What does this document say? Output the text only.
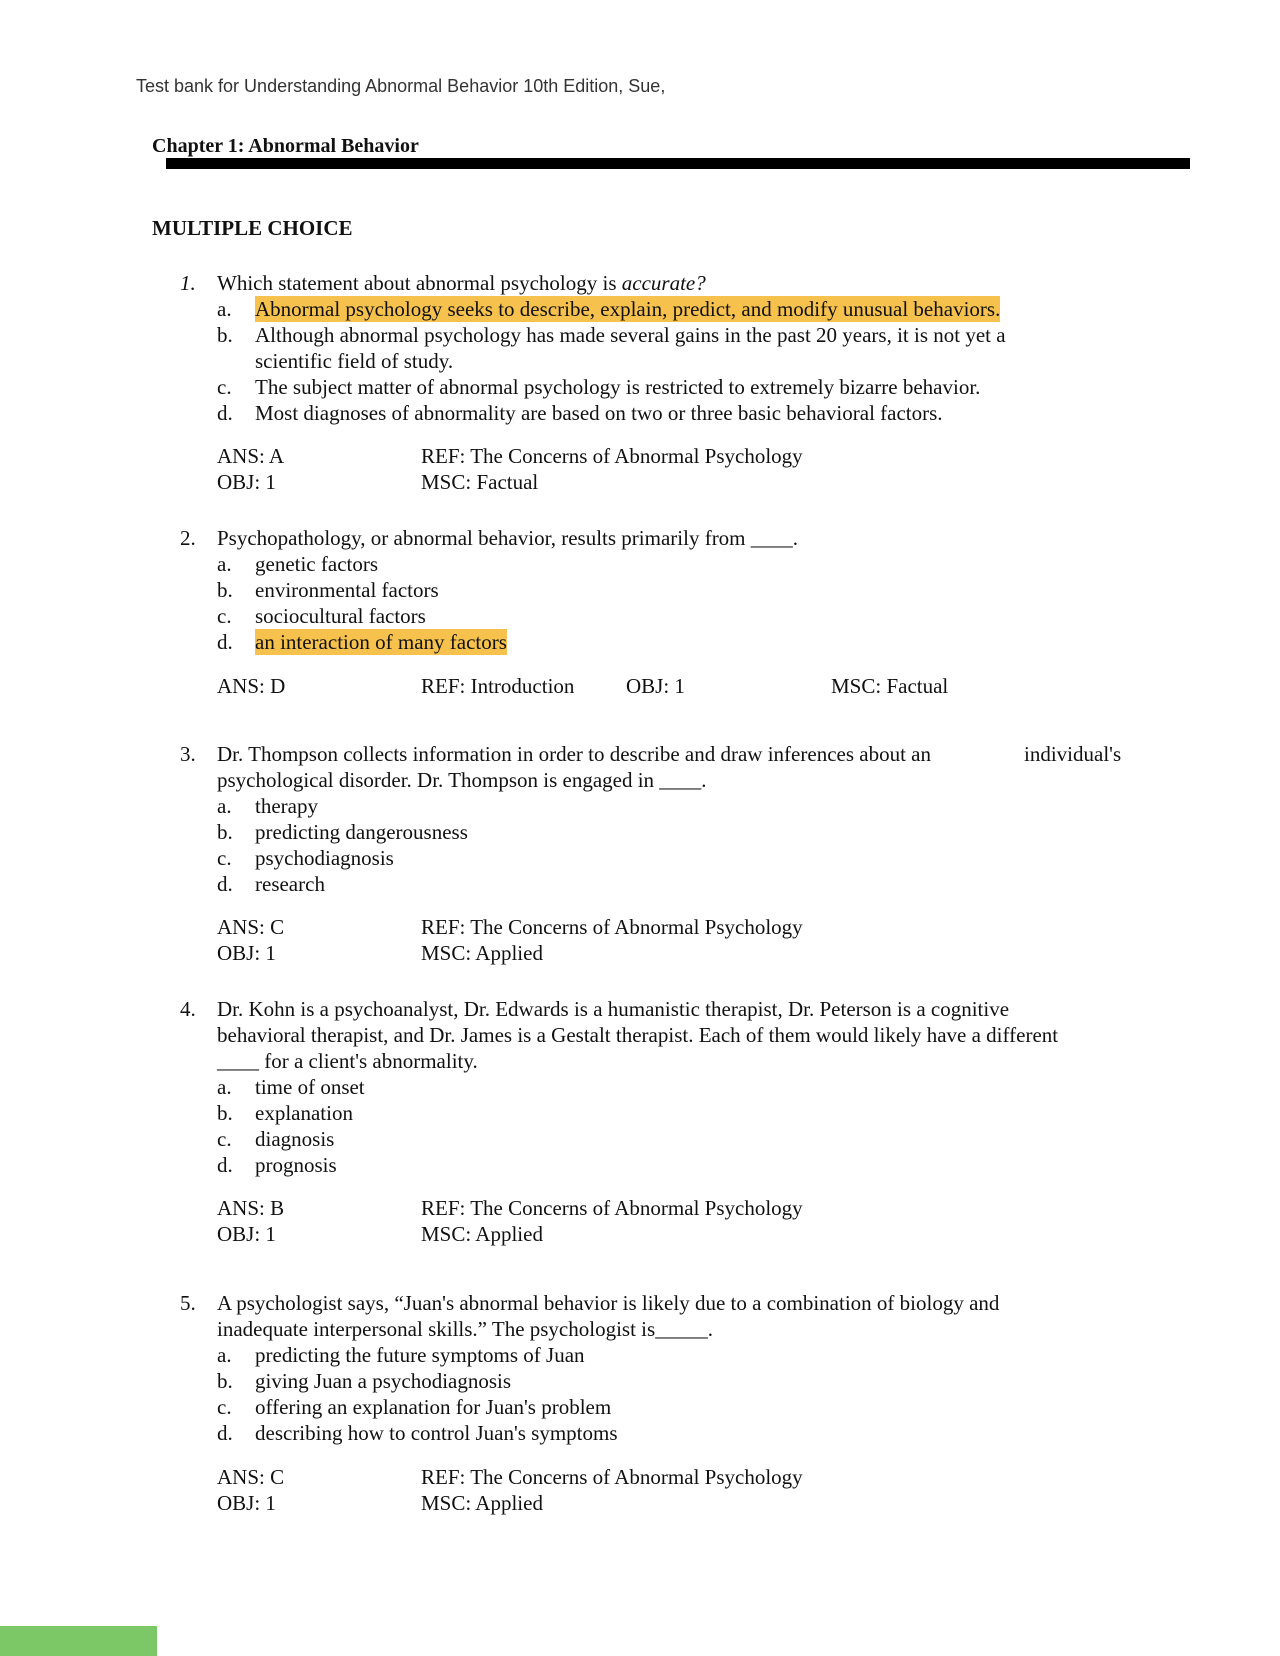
Test bank for Understanding Abnormal Behavior 10th Edition, Sue,
Chapter 1: Abnormal Behavior
MULTIPLE CHOICE
1. Which statement about abnormal psychology is accurate?
a. Abnormal psychology seeks to describe, explain, predict, and modify unusual behaviors.
b. Although abnormal psychology has made several gains in the past 20 years, it is not yet a
scientific field of study.
c. The subject matter of abnormal psychology is restricted to extremely bizarre behavior.
d. Most diagnoses of abnormality are based on two or three basic behavioral factors.
ANS: A	REF: The Concerns of Abnormal Psychology
OBJ: 1	MSC: Factual
2. Psychopathology, or abnormal behavior, results primarily from ____.
a. genetic factors
b. environmental factors
c. sociocultural factors
d. an interaction of many factors
ANS: D	REF: Introduction OBJ: 1	MSC: Factual
3. Dr. Thompson collects information in order to describe and draw inferences about an	individual's
psychological disorder. Dr. Thompson is engaged in ____.
a. therapy
b. predicting dangerousness
c. psychodiagnosis
d. research
ANS: C	REF: The Concerns of Abnormal Psychology
OBJ: 1	MSC: Applied
4. Dr. Kohn is a psychoanalyst, Dr. Edwards is a humanistic therapist, Dr. Peterson is a cognitive
behavioral therapist, and Dr. James is a Gestalt therapist. Each of them would likely have a different
____ for a client's abnormality.
a. time of onset
b. explanation
c. diagnosis
d. prognosis
ANS: B	REF: The Concerns of Abnormal Psychology
OBJ: 1	MSC: Applied
5. A psychologist says, “Juan's abnormal behavior is likely due to a combination of biology and
inadequate interpersonal skills.” The psychologist is_____.
a. predicting the future symptoms of Juan
b. giving Juan a psychodiagnosis
c. offering an explanation for Juan's problem
d. describing how to control Juan's symptoms
ANS: C	REF: The Concerns of Abnormal Psychology
OBJ: 1	MSC: Applied
